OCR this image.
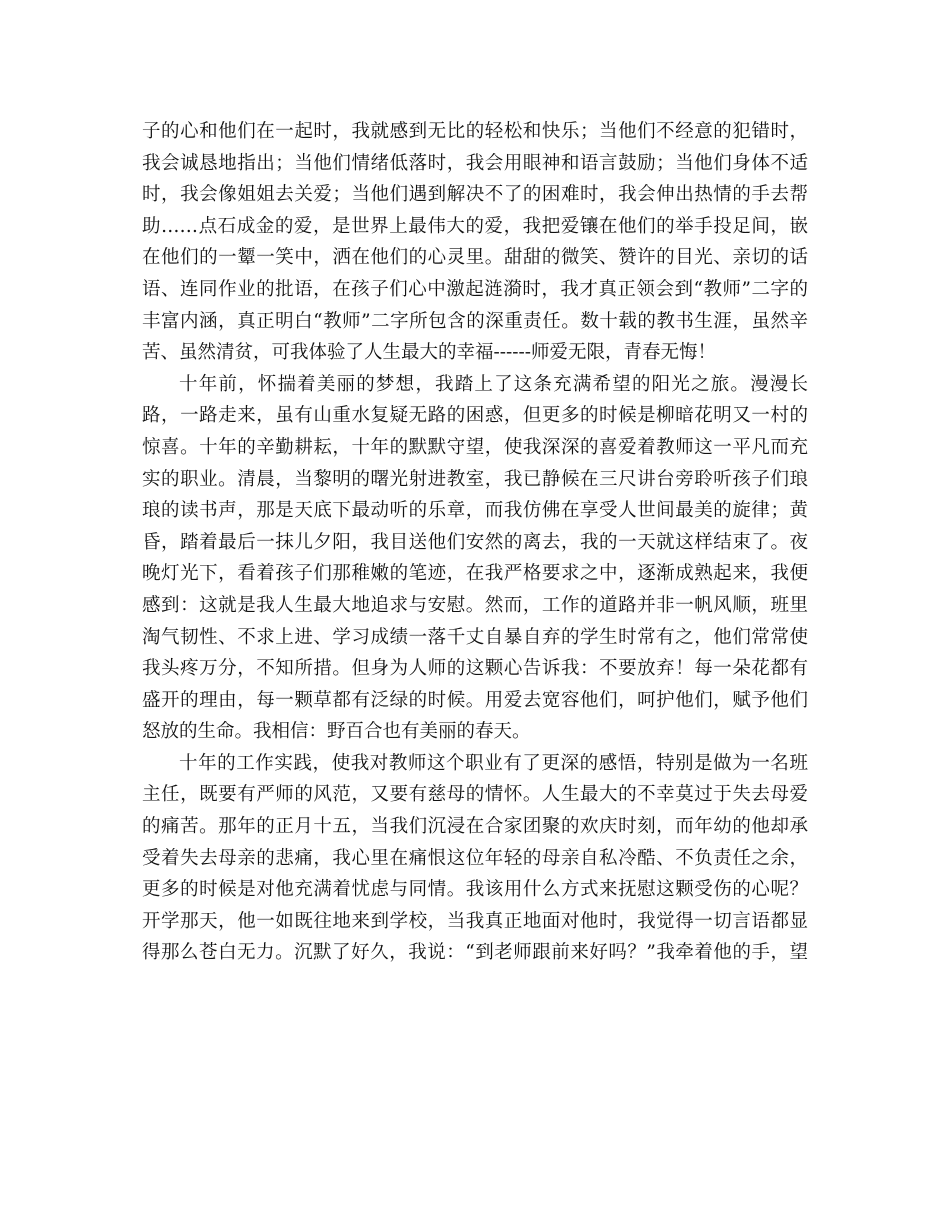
子的心和他们在一起时，我就感到无比的轻松和快乐；当他们不经意的犯错时，
我会诚恳地指出；当他们情绪低落时，我会用眼神和语言鼓励；当他们身体不适
时，我会像姐姐去关爱；当他们遇到解决不了的困难时，我会伸出热情的手去帮
助……点石成金的爱，是世界上最伟大的爱，我把爱镶在他们的举手投足间，嵌
在他们的一颦一笑中，洒在他们的心灵里。甜甜的微笑、赞许的目光、亲切的话
语、连同作业的批语，在孩子们心中激起涟漪时，我才真正领会到“教师”二字的
丰富内涵，真正明白“教师”二字所包含的深重责任。数十载的教书生涯，虽然辛
苦、虽然清贫，可我体验了人生最大的幸福------师爱无限，青春无悔！
十年前，怀揣着美丽的梦想，我踏上了这条充满希望的阳光之旅。漫漫长
路，一路走来，虽有山重水复疑无路的困惑，但更多的时候是柳暗花明又一村的
惊喜。十年的辛勤耕耘，十年的默默守望，使我深深的喜爱着教师这一平凡而充
实的职业。清晨，当黎明的曙光射进教室，我已静候在三尺讲台旁聆听孩子们琅
琅的读书声，那是天底下最动听的乐章，而我仿佛在享受人世间最美的旋律；黄
昏，踏着最后一抹儿夕阳，我目送他们安然的离去，我的一天就这样结束了。夜
晚灯光下，看着孩子们那稚嫩的笔迹，在我严格要求之中，逐渐成熟起来，我便
感到：这就是我人生最大地追求与安慰。然而，工作的道路并非一帆风顺，班里
淘气韧性、不求上进、学习成绩一落千丈自暴自弃的学生时常有之，他们常常使
我头疼万分，不知所措。但身为人师的这颗心告诉我：不要放弃！每一朵花都有
盛开的理由，每一颗草都有泛绿的时候。用爱去宽容他们，呵护他们，赋予他们
怒放的生命。我相信：野百合也有美丽的春天。
十年的工作实践，使我对教师这个职业有了更深的感悟，特别是做为一名班
主任，既要有严师的风范，又要有慈母的情怀。人生最大的不幸莫过于失去母爱
的痛苦。那年的正月十五，当我们沉浸在合家团聚的欢庆时刻，而年幼的他却承
受着失去母亲的悲痛，我心里在痛恨这位年轻的母亲自私冷酷、不负责任之余，
更多的时候是对他充满着忧虑与同情。我该用什么方式来抚慰这颗受伤的心呢？
开学那天，他一如既往地来到学校，当我真正地面对他时，我觉得一切言语都显
得那么苍白无力。沉默了好久，我说：“到老师跟前来好吗？”我牵着他的手，望
